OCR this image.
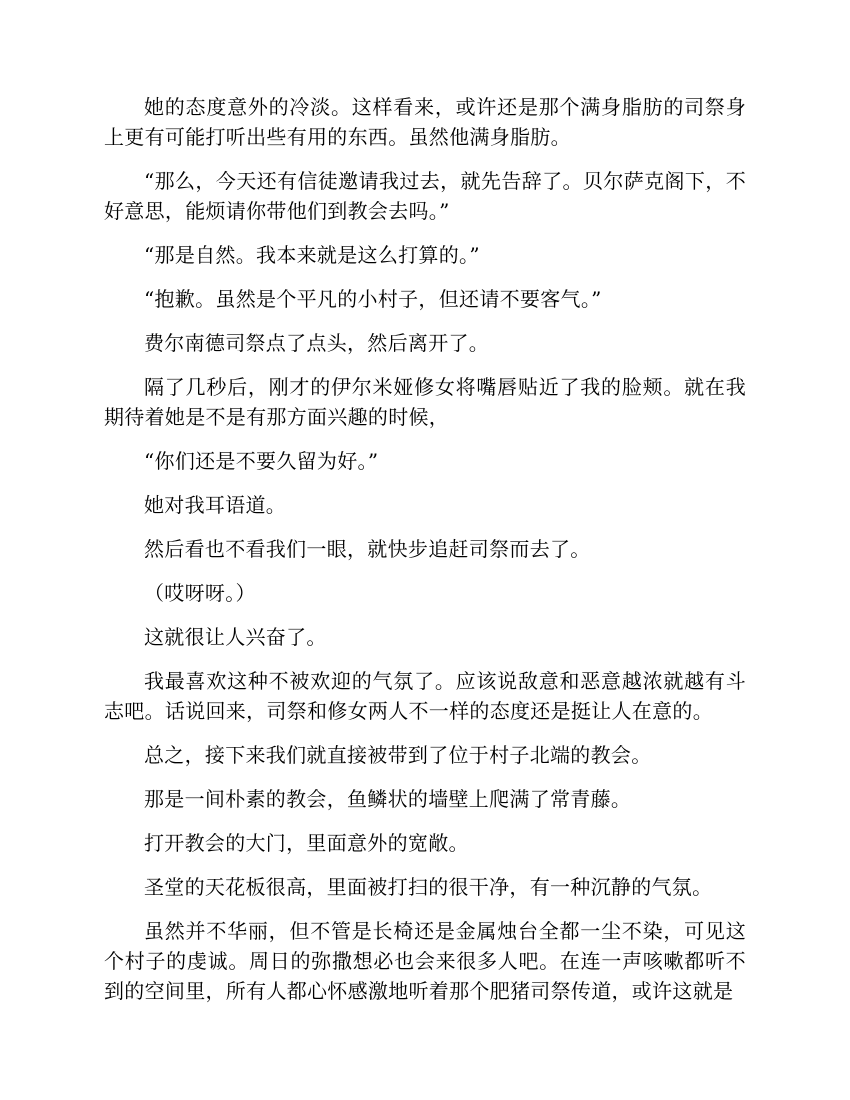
她的态度意外的冷淡。这样看来，或许还是那个满身脂肪的司祭身上更有可能打听出些有用的东西。虽然他满身脂肪。

“那么，今天还有信徒邀请我过去，就先告辞了。贝尔萨克阁下，不好意思，能烦请你带他们到教会去吗。”

“那是自然。我本来就是这么打算的。”

“抱歉。虽然是个平凡的小村子，但还请不要客气。”

费尔南德司祭点了点头，然后离开了。

隔了几秒后，刚才的伊尔米娅修女将嘴唇贴近了我的脸颊。就在我期待着她是不是有那方面兴趣的时候，

“你们还是不要久留为好。”

她对我耳语道。

然后看也不看我们一眼，就快步追赶司祭而去了。

（哎呀呀。）

这就很让人兴奋了。

我最喜欢这种不被欢迎的气氛了。应该说敌意和恶意越浓就越有斗志吧。话说回来，司祭和修女两人不一样的态度还是挺让人在意的。

总之，接下来我们就直接被带到了位于村子北端的教会。

那是一间朴素的教会，鱼鳞状的墙壁上爬满了常青藤。

打开教会的大门，里面意外的宽敞。

圣堂的天花板很高，里面被打扫的很干净，有一种沉静的气氛。

虽然并不华丽，但不管是长椅还是金属烛台全都一尘不染，可见这个村子的虔诚。周日的弥撒想必也会来很多人吧。在连一声咳嗽都听不到的空间里，所有人都心怀感激地听着那个肥猪司祭传道，或许这就是
